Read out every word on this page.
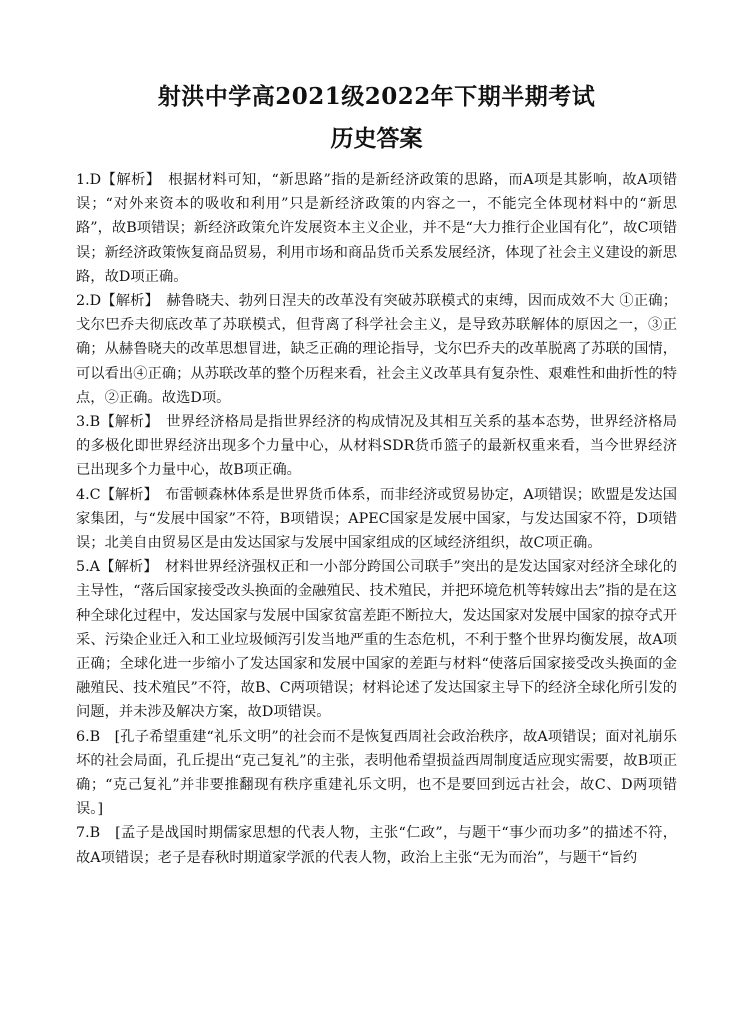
射洪中学高2021级2022年下期半期考试
历史答案

1.D【解析】　根据材料可知，“新思路”指的是新经济政策的思路，而A项是其影响，故A项错误；“对外来资本的吸收和利用”只是新经济政策的内容之一，不能完全体现材料中的“新思路”，故B项错误；新经济政策允许发展资本主义企业，并不是“大力推行企业国有化”，故C项错误；新经济政策恢复商品贸易，利用市场和商品货币关系发展经济，体现了社会主义建设的新思路，故D项正确。

2.D【解析】　赫鲁晓夫、勃列日涅夫的改革没有突破苏联模式的束缚，因而成效不大 ①正确；戈尔巴乔夫彻底改革了苏联模式，但背离了科学社会主义，是导致苏联解体的原因之一，③正确；从赫鲁晓夫的改革思想冒进，缺乏正确的理论指导，戈尔巴乔夫的改革脱离了苏联的国情，可以看出④正确；从苏联改革的整个历程来看，社会主义改革具有复杂性、艰难性和曲折性的特点，②正确。故选D项。

3.B【解析】　世界经济格局是指世界经济的构成情况及其相互关系的基本态势，世界经济格局的多极化即世界经济出现多个力量中心，从材料SDR货币篮子的最新权重来看，当今世界经济已出现多个力量中心，故B项正确。

4.C【解析】　布雷顿森林体系是世界货币体系，而非经济或贸易协定，A项错误；欧盟是发达国家集团，与“发展中国家”不符，B项错误；APEC国家是发展中国家，与发达国家不符，D项错误；北美自由贸易区是由发达国家与发展中国家组成的区域经济组织，故C项正确。

5.A【解析】　材料世界经济强权正和一小部分跨国公司联手”突出的是发达国家对经济全球化的主导性，“落后国家接受改头换面的金融殖民、技术殖民，并把环境危机等转嫁出去”指的是在这种全球化过程中，发达国家与发展中国家贫富差距不断拉大，发达国家对发展中国家的掠夺式开采、污染企业迁入和工业垃圾倾泻引发当地严重的生态危机，不利于整个世界均衡发展，故A项正确；全球化进一步缩小了发达国家和发展中国家的差距与材料“使落后国家接受改头换面的金融殖民、技术殖民”不符，故B、C两项错误；材料论述了发达国家主导下的经济全球化所引发的问题，并未涉及解决方案，故D项错误。

6.B　[孔子希望重建“礼乐文明”的社会而不是恢复西周社会政治秩序，故A项错误；面对礼崩乐坏的社会局面，孔丘提出“克己复礼”的主张，表明他希望损益西周制度适应现实需要，故B项正确；“克己复礼”并非要推翻现有秩序重建礼乐文明，也不是要回到远古社会，故C、D两项错误。]

7.B　[孟子是战国时期儒家思想的代表人物，主张“仁政”，与题干“事少而功多”的描述不符，故A项错误；老子是春秋时期道家学派的代表人物，政治上主张“无为而治”，与题干“旨约
